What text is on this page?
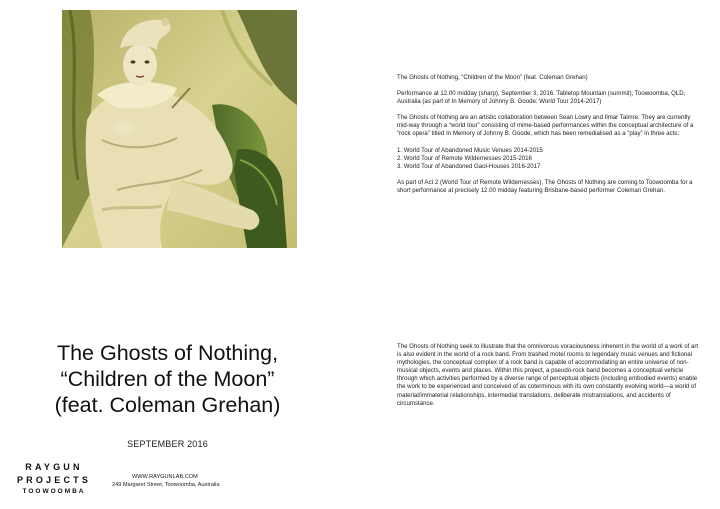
The Ghosts of Nothing, “Children of the Moon” (feat. Coleman Grehan)

Performance at 12.00 midday (sharp), September 3, 2016. Tabletop Mountain (summit), Toowoomba, QLD, Australia (as part of In Memory of Johnny B. Goode: World Tour 2014-2017)

The Ghosts of Nothing are an artistic collaboration between Sean Lowry and Ilmar Taimre: They are currently mid-way through a “world tour” consisting of mime-based performances within the conceptual architecture of a “rock opera” titled In Memory of Johnny B. Goode, which has been remedialised as a “play” in three acts:

1. World Tour of Abandoned Music Venues 2014-2015
2. World Tour of Remote Wildernesses 2015-2016
3. World Tour of Abandoned Gaol-Houses 2016-2017

As part of Act 2 (World Tour of Remote Wildernesses), The Ghosts of Nothing are coming to Toowoomba for a short performance at precisely 12.00 midday featuring Brisbane-based performer Coleman Grehan.

The Ghosts of Nothing seek to illustrate that the omnivorous voraciousness inherent in the world of a work of art is also evident in the world of a rock band. From trashed motel rooms to legendary music venues and fictional mythologies, the conceptual complex of a rock band is capable of accommodating an entire universe of non-musical objects, events and places. Within this project, a pseudo-rock band becomes a conceptual vehicle through which activities performed by a diverse range of perceptual objects (including embodied events) enable the work to be experienced and conceived of as coterminous with its own constantly evolving world—a world of material/immaterial relationships, intermedial translations, deliberate mistranslations, and accidents of circumstance.

The Ghosts of Nothing,
“Children of the Moon”
(feat. Coleman Grehan)
SEPTEMBER 2016
RAYGUN
PROJECTS
TOOWOOMBA
WWW.RAYGUNLAB.COM
249 Margaret Street, Toowoomba, Australia
